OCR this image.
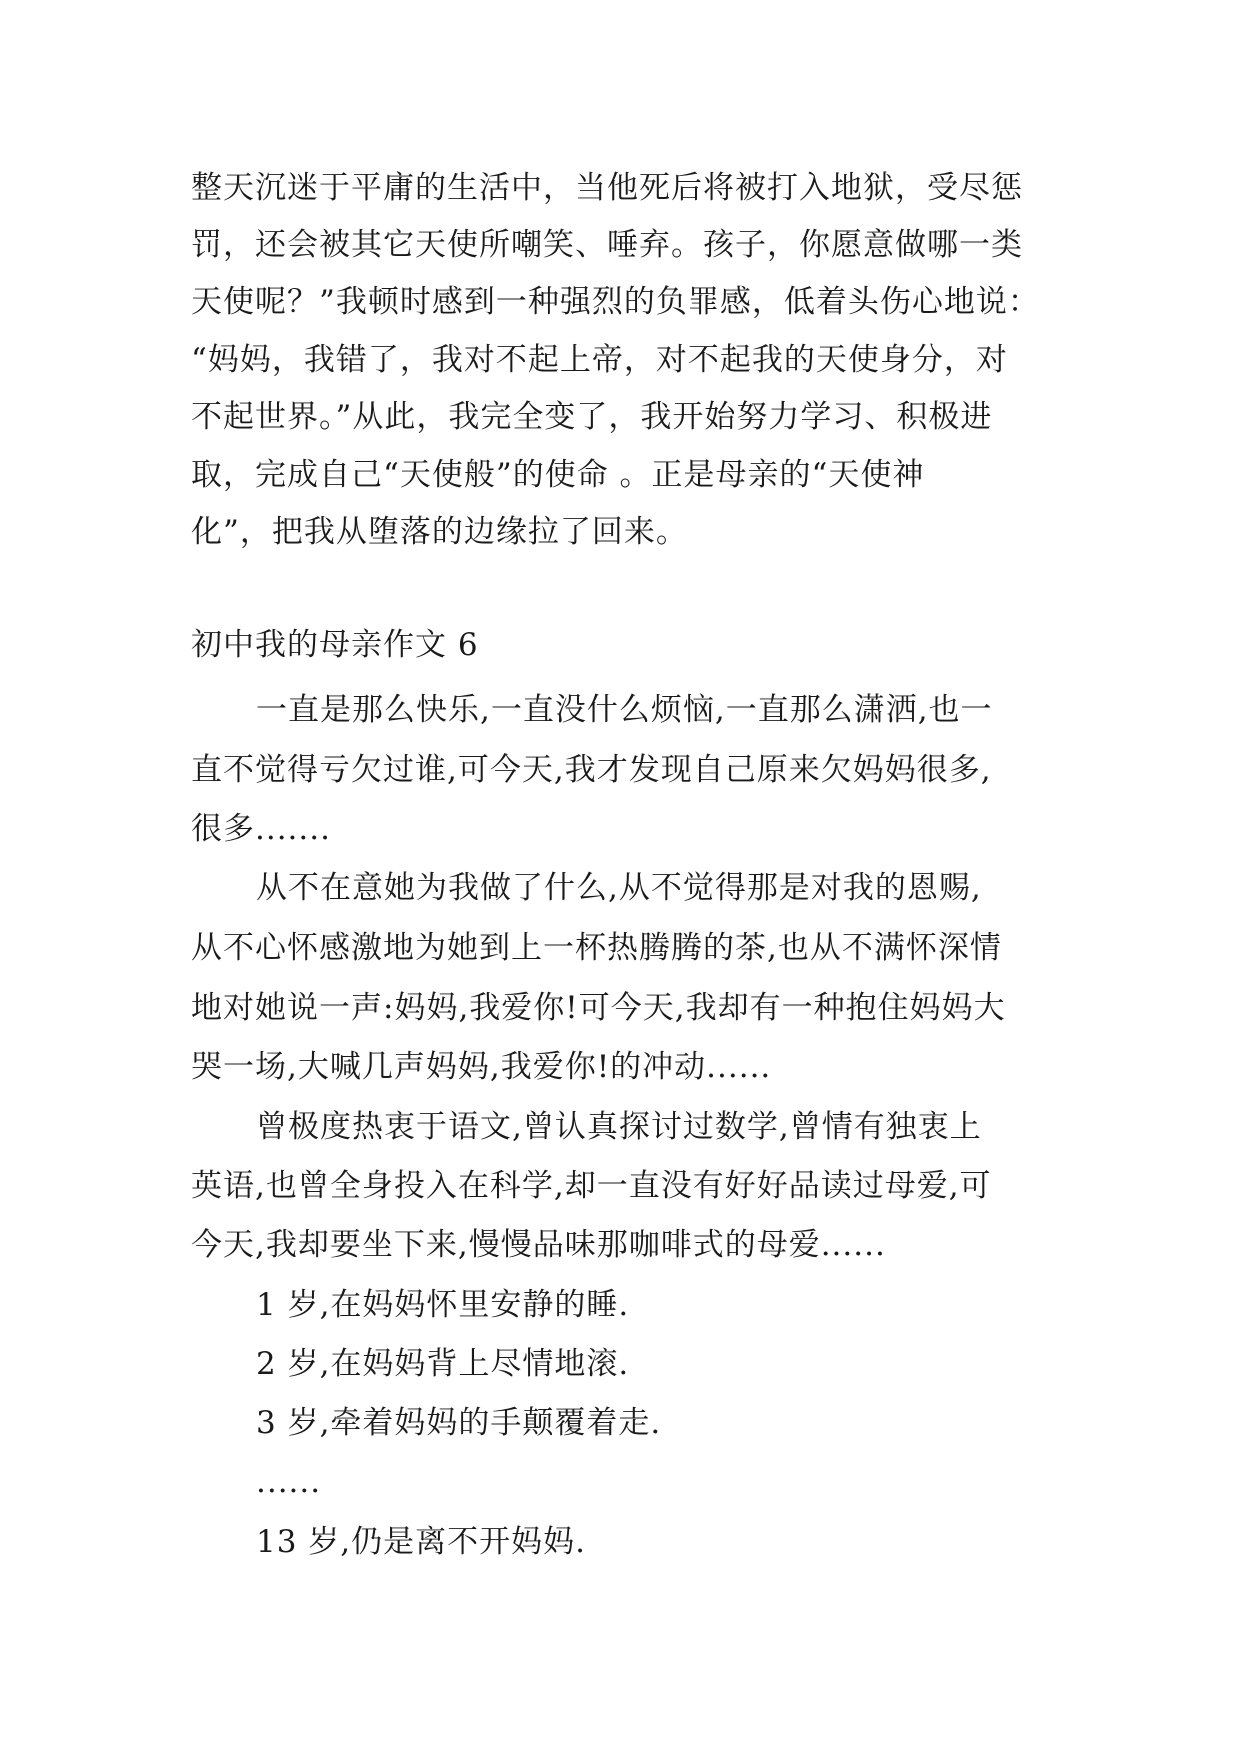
整天沉迷于平庸的生活中，当他死后将被打入地狱，受尽惩
罚，还会被其它天使所嘲笑、唾弃。孩子，你愿意做哪一类
天使呢？”我顿时感到一种强烈的负罪感，低着头伤心地说：
“妈妈，我错了，我对不起上帝，对不起我的天使身分，对
不起世界。”从此，我完全变了，我开始努力学习、积极进
取，完成自己“天使般”的使命 。正是母亲的“天使神
化”，把我从堕落的边缘拉了回来。
初中我的母亲作文 6
一直是那么快乐,一直没什么烦恼,一直那么潇洒,也一
直不觉得亏欠过谁,可今天,我才发现自己原来欠妈妈很多,
很多.......
从不在意她为我做了什么,从不觉得那是对我的恩赐,
从不心怀感激地为她到上一杯热腾腾的茶,也从不满怀深情
地对她说一声:妈妈,我爱你!可今天,我却有一种抱住妈妈大
哭一场,大喊几声妈妈,我爱你!的冲动......
曾极度热衷于语文,曾认真探讨过数学,曾情有独衷上
英语,也曾全身投入在科学,却一直没有好好品读过母爱,可
今天,我却要坐下来,慢慢品味那咖啡式的母爱......
1 岁,在妈妈怀里安静的睡.
2 岁,在妈妈背上尽情地滚.
3 岁,牵着妈妈的手颠覆着走.
......
13 岁,仍是离不开妈妈.
